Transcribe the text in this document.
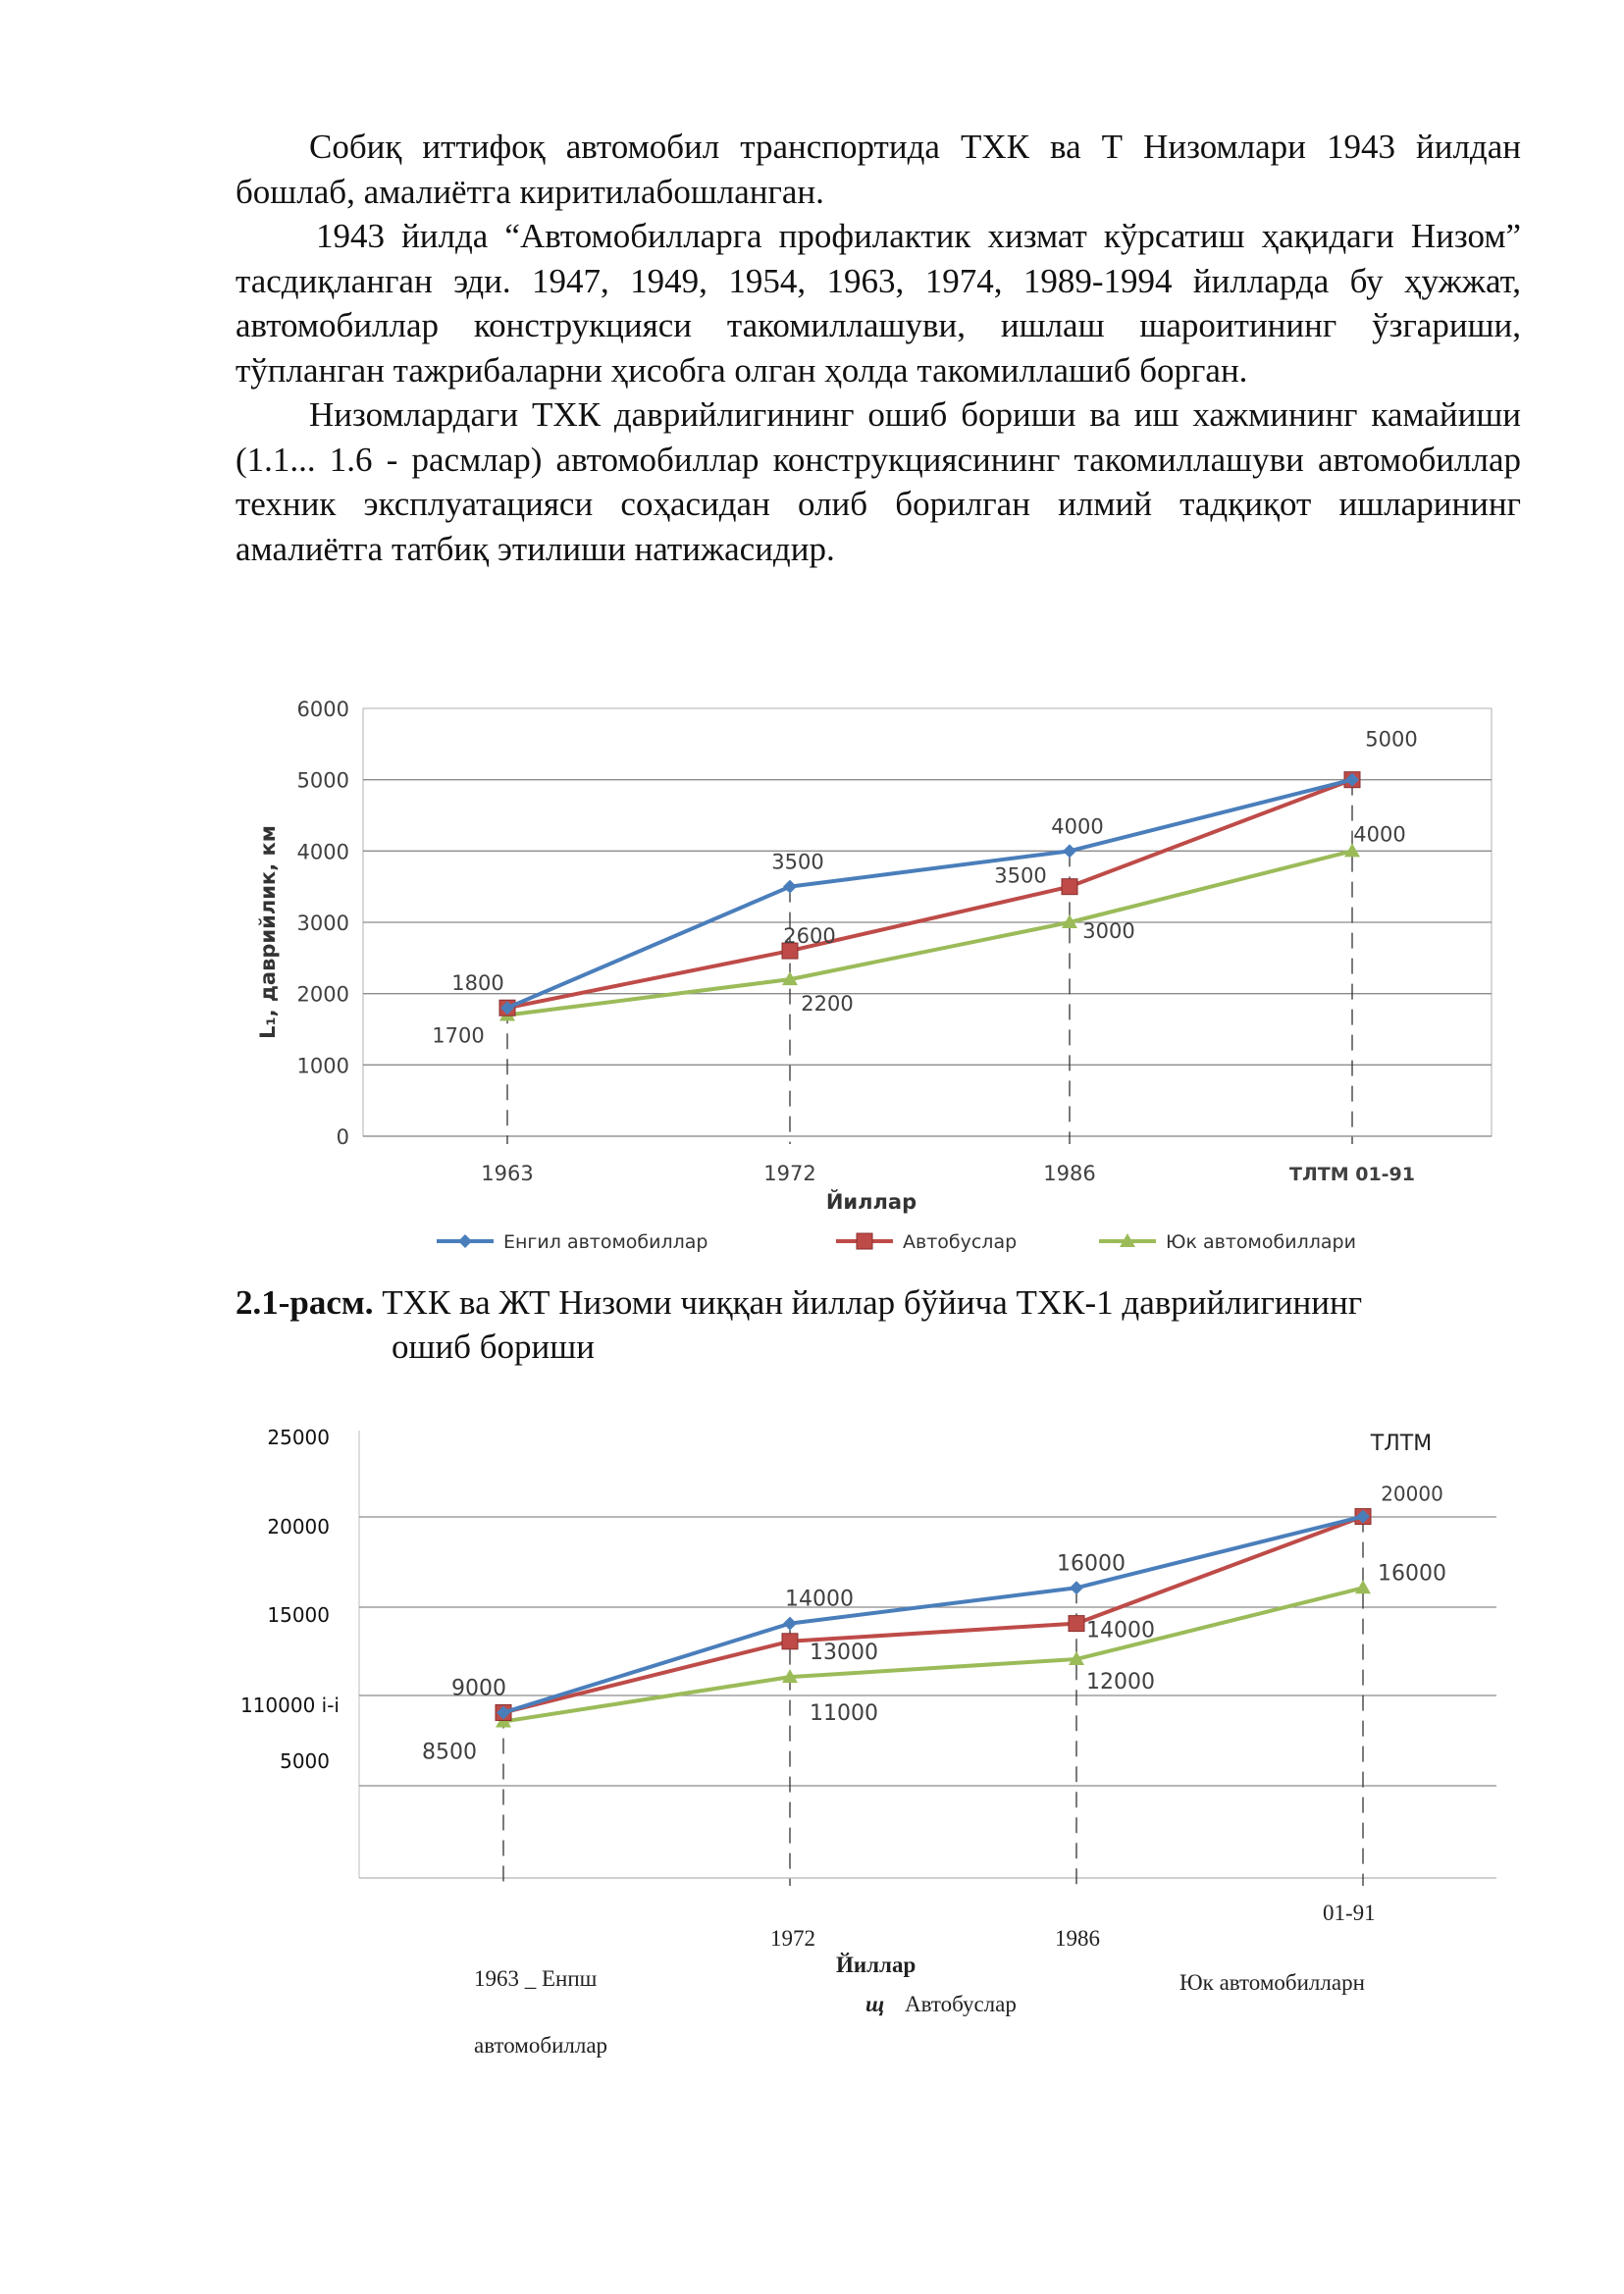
Собиқ иттифоқ автомобил транспортида ТХК ва Т Низомлари 1943 йилдан бошлаб, амалиётга киритилабошланган.

1943 йилда “Автомобилларга профилактик хизмат кўрсатиш ҳақидаги Низом” тасдиқланган эди. 1947, 1949, 1954, 1963, 1974, 1989-1994 йилларда бу ҳужжат, автомобиллар конструкцияси такомиллашуви, ишлаш шароитининг ўзгариши, тўпланган тажрибаларни ҳисобга олган ҳолда такомиллашиб борган.

Низомлардаги ТХК даврийлигининг ошиб бориши ва иш хажмининг камайиши (1.1... 1.6 - расмлар) автомобиллар конструкциясининг такомиллашуви автомобиллар техник эксплуатацияси соҳасидан олиб борилган илмий тадқиқот ишларининг амалиётга татбиқ этилиши натижасидир.

0
1000
2000
3000
4000
5000
6000
1963	1972	1986	ТЛТМ 01-91
Йиллар
L₁, даврийлик, км	1800
3500
4000
5000
2600
3500
1700
2200
3000
4000
Енгил автомобиллар	Автобуслар	Юк автомобиллари
2.1-расм. ТХК ва ЖТ Низоми чиққан йиллар бўйича ТХК-1 даврийлигининг
ошиб бориши
25000
20000
15000
110000 i-i
5000
9000
14000
16000
20000
13000
14000
8500
11000
12000
16000
ТЛТМ
1972	1986
01-91
Йиллар
1963 _ Енпш
автомобиллар
щ Автобуслар
Юк автомобилларн
